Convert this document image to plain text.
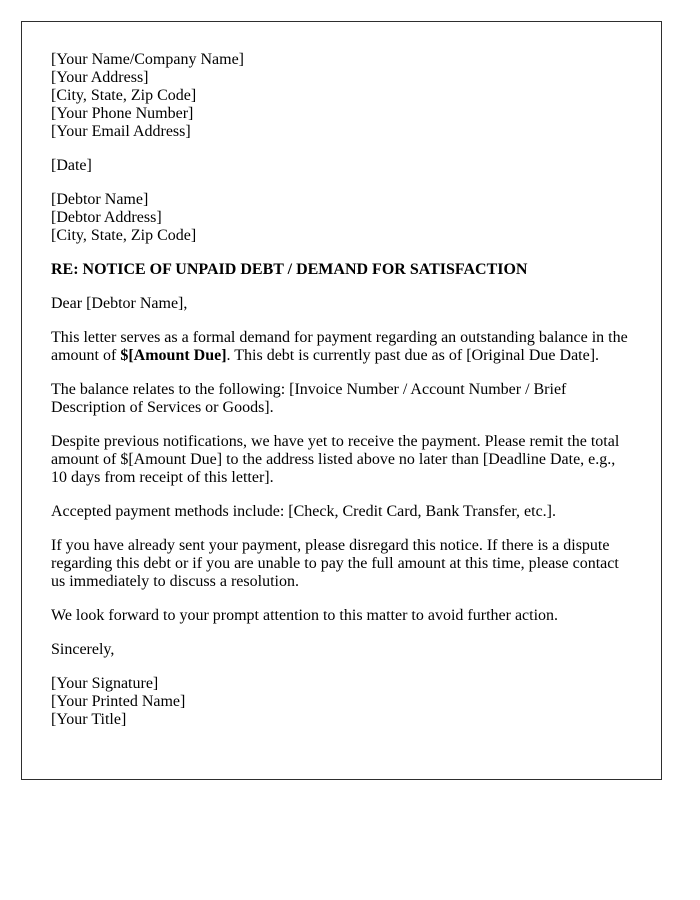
[Your Name/Company Name]
[Your Address]
[City, State, Zip Code]
[Your Phone Number]
[Your Email Address]
[Date]
[Debtor Name]
[Debtor Address]
[City, State, Zip Code]
RE: NOTICE OF UNPAID DEBT / DEMAND FOR SATISFACTION
Dear [Debtor Name],

This letter serves as a formal demand for payment regarding an outstanding balance in the amount of $[Amount Due]. This debt is currently past due as of [Original Due Date].

The balance relates to the following: [Invoice Number / Account Number / Brief Description of Services or Goods].

Despite previous notifications, we have yet to receive the payment. Please remit the total amount of $[Amount Due] to the address listed above no later than [Deadline Date, e.g., 10 days from receipt of this letter].

Accepted payment methods include: [Check, Credit Card, Bank Transfer, etc.].

If you have already sent your payment, please disregard this notice. If there is a dispute regarding this debt or if you are unable to pay the full amount at this time, please contact us immediately to discuss a resolution.

We look forward to your prompt attention to this matter to avoid further action.

Sincerely,
[Your Signature]
[Your Printed Name]
[Your Title]
